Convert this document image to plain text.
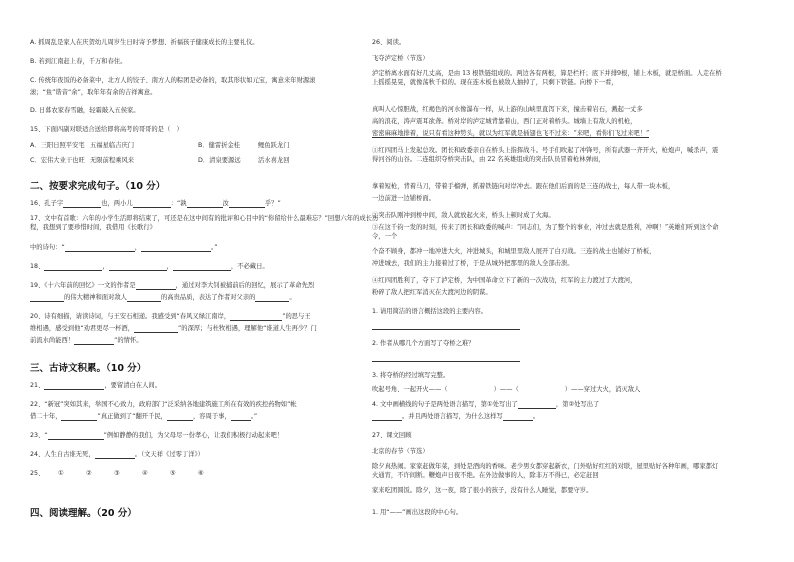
A. 抓周乱是家人在庆贺幼儿周岁生日时寄予梦想、祈福孩子健康成长的主要礼仪。
B. 若到江南赶上春，千万和春住。
C. 传统年夜饭的必备菜中，北方人的饺子、南方人的粽团是必备的，取其形状如元宝，寓意来年财源滚
滚；“鱼”谐音“余”，取年年有余的吉祥寓意。
D. 日暮农家春雪融，轻霜敲入五侯家。
15、下面四副对联适合送给即将高考的哥哥的是（　）
A．三阳日照平安宅 五福星临吉庆门	B．健雷折金桂	鲤鱼跃龙门
C．宏伟大业干也旺 无限前程乘风来	D．清泉要源远	活水喜龙回
二、按要求完成句子。（10 分）
16、孔子字	也，两小儿	：“孰	汝	乎？”
17、文中有首歌：六年的小学生活即将结束了，可还是在这中间有的批评和心目中的“你留给什么最难忘？”回想六年的成长历程，我想到了要珍惜时间，我借用《长歌行》
中的诗句：“	，	。”
18、	，	，	，不必藏日。
19、《十六年前的回忆》一文的作者是	，通过对李大钊被捕前后的回忆，展示了革命先烈
的伟大精神和面对敌人	的高贵品质，表达了作者对父亲的	。
20、诗有细描，请读诗词，与王安石相递。我感受到“春风又绿江南岸，	”的思与王
维相遇，感受到他“劝君更尽一杯酒，	”的深厚；与杜牧相遇，理解他“谁道人生再少？门
前流水尚能西！	”的情怀。
三、古诗文积累。（10 分）
21、	，要留清白在人间。
22、“新冠”突如其来，举国不心致力，政府部门“泛采纳各地建筑施工所在有效的疾控药物如”帐
借二十年，	”真正做到了“翻开千民，	，容周于事，	。”
23、“	”例如静静的我们，为父母尽一份孝心，让我们积极行动起来吧！
24、人生自古谁无死，	。（文天祥《过零丁洋》）
25、 ①	②	③	④	⑤	⑥
四、阅读理解。（20 分）
26、阅读。
飞夺泸定桥（节选）
泸定桥离水面有好几丈高，是由 13 根铁链组成的。两边各有两根，算是栏杆；底下并排9根，铺上木板，就是桥面。人走在桥上摇摇晃晃，就像荡秋千似的。现在连木板也被敌人抽掉了，只剩下铁链。向桥下一看，
真叫人心惊胆战，红褐色的河水像瀑布一样，从上游的山峡里直泻下来，撞击着岩石，溅起一丈多
高的浪花，涛声震耳欲聋。桥对岸的泸定城背靠着山，西门正对着桥头。城墙上有敌人的机枪，
密密麻麻地排着，说只有看这种势头，就以为红军就是插翅也飞不过来：“来吧，看你们飞过来吧！”
①红四团马上发起总攻。团长和政委亲自在桥头上指挥战斗。号手们吹起了冲锋号，所有武器一齐开火，枪炮声，喊杀声，震得河谷的山谷。二连组织夺桥突击队，由 22 名英雄组成的突击队员冒着枪林弹雨，
拿着短枪，背着马刀，带着手榴弹，抓着铁链向对岸冲去。跟在他们后面的是三连的战士，每人带一块木板，
一边前进一边铺桥面。
②突击队刚冲到桥中间，敌人就放起火来，桥头上顿时成了火海。
③在这千钧一发的时刻，传来了团长和政委的喊声：“同志们，为了整个的事业，冲过去就是胜利，冲啊！”英雄们听到这个命令，一个
个奋不顾身，都冲一地冲进大火，冲进城头，和城里里敌人展开了白刃战。三连的战士也铺好了桥板，
冲进城去，我们的主力接着过了桥，于是从城外把那里的敌人全部击溃。
④红四团胜利了，夺下了泸定桥，为中国革命立下了新的一次战功，红军的主力渡过了大渡河，
粉碎了敌人把红军消灭在大渡河边的阴谋。
1. 请用简洁的语言概括这段的主要内容。
2. 作者从哪几个方面写了夺桥之难？
3. 将夺桥的经过填写完整。
吹起号角、一起开火——（	）——（	）——穿过大火，消灭敌人
4. 文中画横线的句子是两处语言描写，第①处写出了	，第②处写出了
。并且两处语言描写，为什么这样写	。
27、课文回顾
北京的春节（节选）
除夕真热闹。家家赶做年菜，到处是酒肉的香味。老少男女都穿起新衣，门外贴好红红的对联，屋里贴好各种年画，哪家都灯火通宵，不许间断。鞭炮声日夜不绝。在外边做事的人，除非万不得已，必定赶回
家来吃团圆饭。除夕，这一夜，除了很小的孩子，没有什么人睡觉，都要守岁。
1. 用“——”画出这段的中心句。
